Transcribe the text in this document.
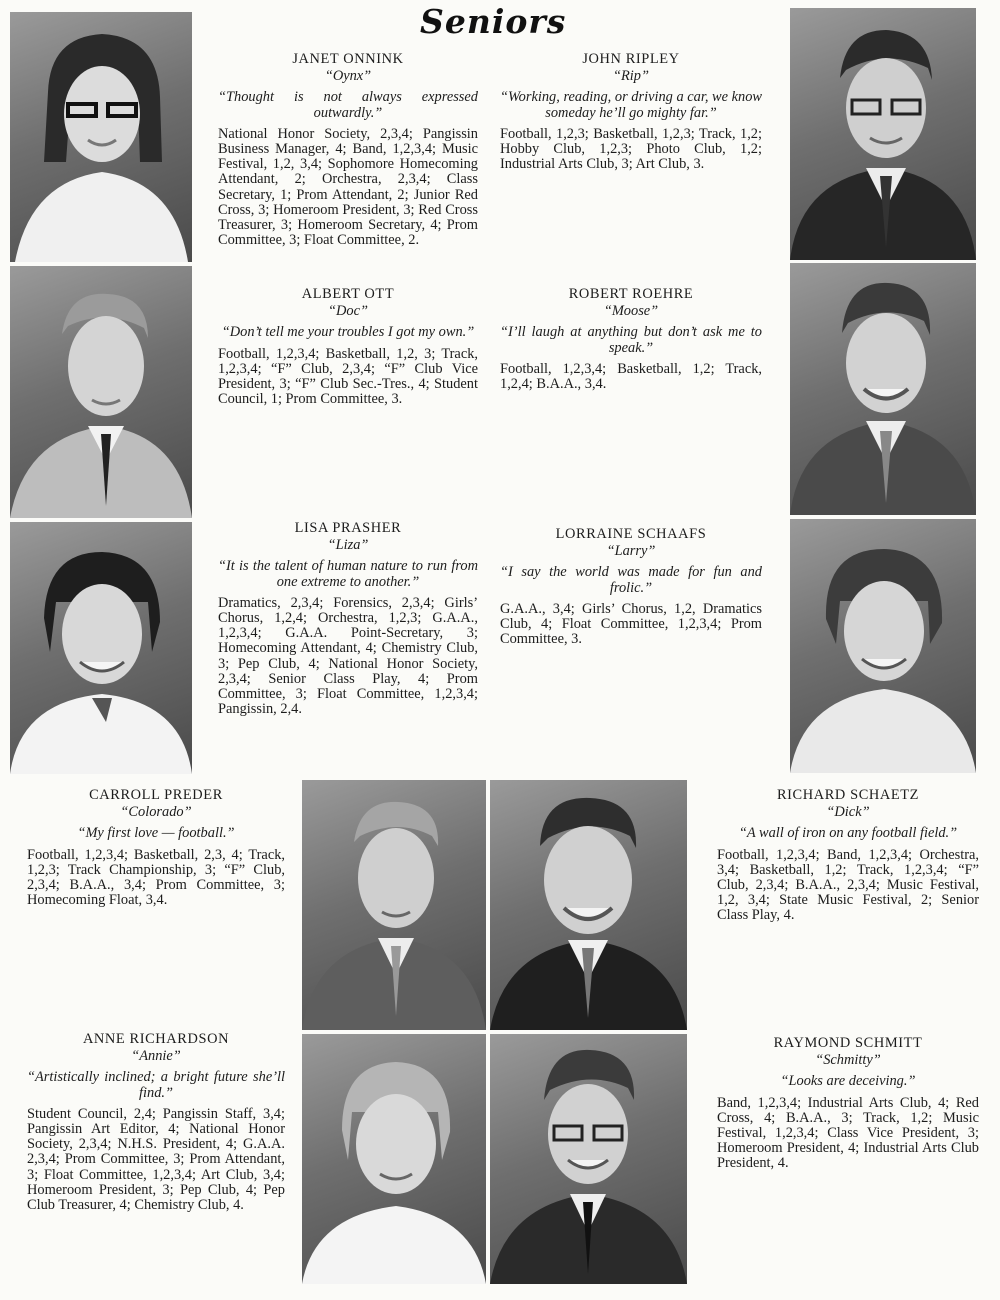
Seniors
JANET ONNINK
“Oynx”
“Thought is not always expressed outwardly.”
National Honor Society, 2,3,4; Pangissin Business Manager, 4; Band, 1,2,3,4; Music Festival, 1,2, 3,4; Sophomore Homecoming Attendant, 2; Orchestra, 2,3,4; Class Secretary, 1; Prom Attendant, 2; Junior Red Cross, 3; Homeroom President, 3; Red Cross Treasurer, 3; Homeroom Secretary, 4; Prom Committee, 3; Float Committee, 2.
JOHN RIPLEY
“Rip”
“Working, reading, or driving a car, we know someday he’ll go mighty far.”
Football, 1,2,3; Basketball, 1,2,3; Track, 1,2; Hobby Club, 1,2,3; Photo Club, 1,2; Industrial Arts Club, 3; Art Club, 3.
ALBERT OTT
“Doc”
“Don’t tell me your troubles I got my own.”
Football, 1,2,3,4; Basketball, 1,2, 3; Track, 1,2,3,4; “F” Club, 2,3,4; “F” Club Vice President, 3; “F” Club Sec.-Tres., 4; Student Council, 1; Prom Committee, 3.
ROBERT ROEHRE
“Moose”
“I’ll laugh at anything but don’t ask me to speak.”
Football, 1,2,3,4; Basketball, 1,2; Track, 1,2,4; B.A.A., 3,4.
LISA PRASHER
“Liza”
“It is the talent of human nature to run from one extreme to another.”
Dramatics, 2,3,4; Forensics, 2,3,4; Girls’ Chorus, 1,2,4; Orchestra, 1,2,3; G.A.A., 1,2,3,4; G.A.A. Point-Secretary, 3; Homecoming Attendant, 4; Chemistry Club, 3; Pep Club, 4; National Honor Society, 2,3,4; Senior Class Play, 4; Prom Committee, 3; Float Committee, 1,2,3,4; Pangissin, 2,4.
LORRAINE SCHAAFS
“Larry”
“I say the world was made for fun and frolic.”
G.A.A., 3,4; Girls’ Chorus, 1,2, Dramatics Club, 4; Float Committee, 1,2,3,4; Prom Committee, 3.
CARROLL PREDER
“Colorado”
“My first love — football.”
Football, 1,2,3,4; Basketball, 2,3, 4; Track, 1,2,3; Track Championship, 3; “F” Club, 2,3,4; B.A.A., 3,4; Prom Committee, 3; Homecoming Float, 3,4.
RICHARD SCHAETZ
“Dick”
“A wall of iron on any football field.”
Football, 1,2,3,4; Band, 1,2,3,4; Orchestra, 3,4; Basketball, 1,2; Track, 1,2,3,4; “F” Club, 2,3,4; B.A.A., 2,3,4; Music Festival, 1,2, 3,4; State Music Festival, 2; Senior Class Play, 4.
ANNE RICHARDSON
“Annie”
“Artistically inclined; a bright future she’ll find.”
Student Council, 2,4; Pangissin Staff, 3,4; Pangissin Art Editor, 4; National Honor Society, 2,3,4; N.H.S. President, 4; G.A.A. 2,3,4; Prom Committee, 3; Prom Attendant, 3; Float Committee, 1,2,3,4; Art Club, 3,4; Homeroom President, 3; Pep Club, 4; Pep Club Treasurer, 4; Chemistry Club, 4.
RAYMOND SCHMITT
“Schmitty”
“Looks are deceiving.”
Band, 1,2,3,4; Industrial Arts Club, 4; Red Cross, 4; B.A.A., 3; Track, 1,2; Music Festival, 1,2,3,4; Class Vice President, 3; Homeroom President, 4; Industrial Arts Club President, 4.
